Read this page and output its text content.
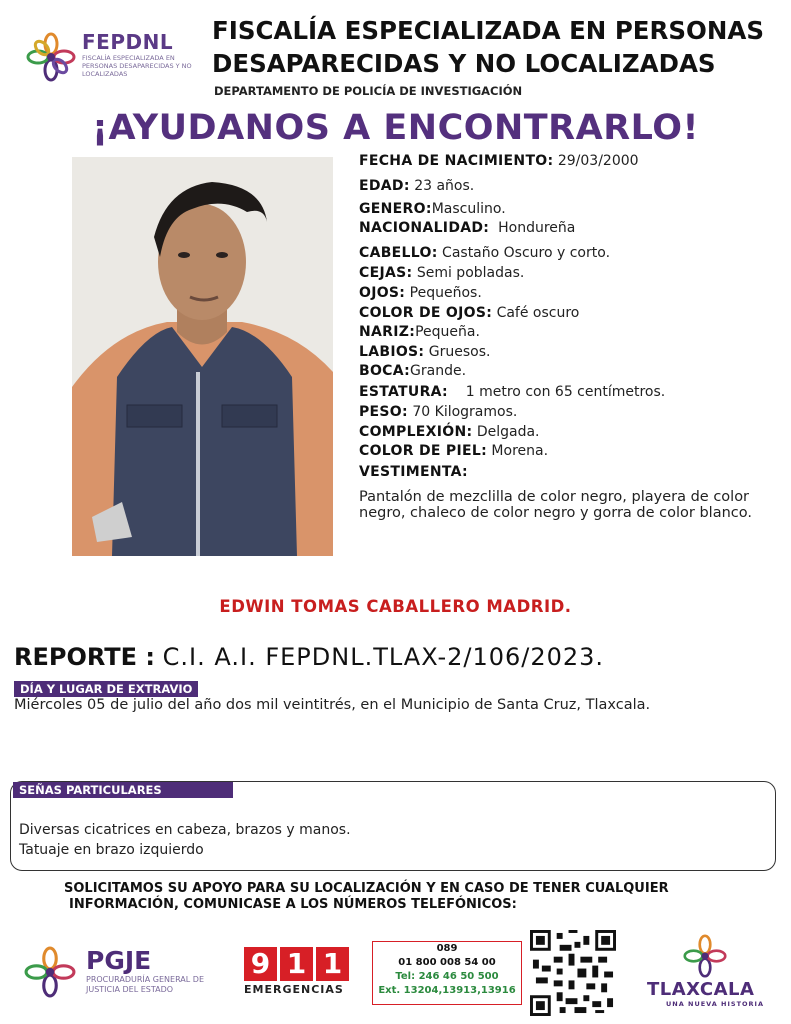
FEPDNL
FISCALÍA ESPECIALIZADA EN PERSONAS DESAPARECIDAS Y NO LOCALIZADAS
FISCALÍA ESPECIALIZADA EN PERSONAS
DESAPARECIDAS Y NO LOCALIZADAS
DEPARTAMENTO DE POLICÍA DE INVESTIGACIÓN
¡AYUDANOS A ENCONTRARLO!
FECHA DE NACIMIENTO: 29/03/2000
EDAD: 23 años.
GENERO:Masculino.
NACIONALIDAD: Hondureña
CABELLO: Castaño Oscuro y corto.
CEJAS: Semi pobladas.
OJOS: Pequeños.
COLOR DE OJOS: Café oscuro
NARIZ:Pequeña.
LABIOS: Gruesos.
BOCA:Grande.
ESTATURA: 1 metro con 65 centímetros.
PESO: 70 Kilogramos.
COMPLEXIÓN: Delgada.
COLOR DE PIEL: Morena.
VESTIMENTA:
Pantalón de mezclilla de color negro, playera de color negro, chaleco de color negro y gorra de color blanco.
EDWIN TOMAS CABALLERO MADRID.
REPORTE : C.I. A.I. FEPDNL.TLAX-2/106/2023.
DÍA Y LUGAR DE EXTRAVIO
Miércoles 05 de julio del año dos mil veintitrés, en el Municipio de Santa Cruz, Tlaxcala.
SEÑAS PARTICULARES
Diversas cicatrices en cabeza, brazos y manos.
Tatuaje en brazo izquierdo
SOLICITAMOS SU APOYO PARA SU LOCALIZACIÓN Y EN CASO DE TENER CUALQUIER
INFORMACIÓN, COMUNICASE A LOS NÚMEROS TELEFÓNICOS:
PGJE
PROCURADURÍA GENERAL DE JUSTICIA DEL ESTADO
9 1 1
EMERGENCIAS
089
01 800 008 54 00
Tel: 246 46 50 500
Ext. 13204,13913,13916	TLAXCALA
UNA NUEVA HISTORIA
